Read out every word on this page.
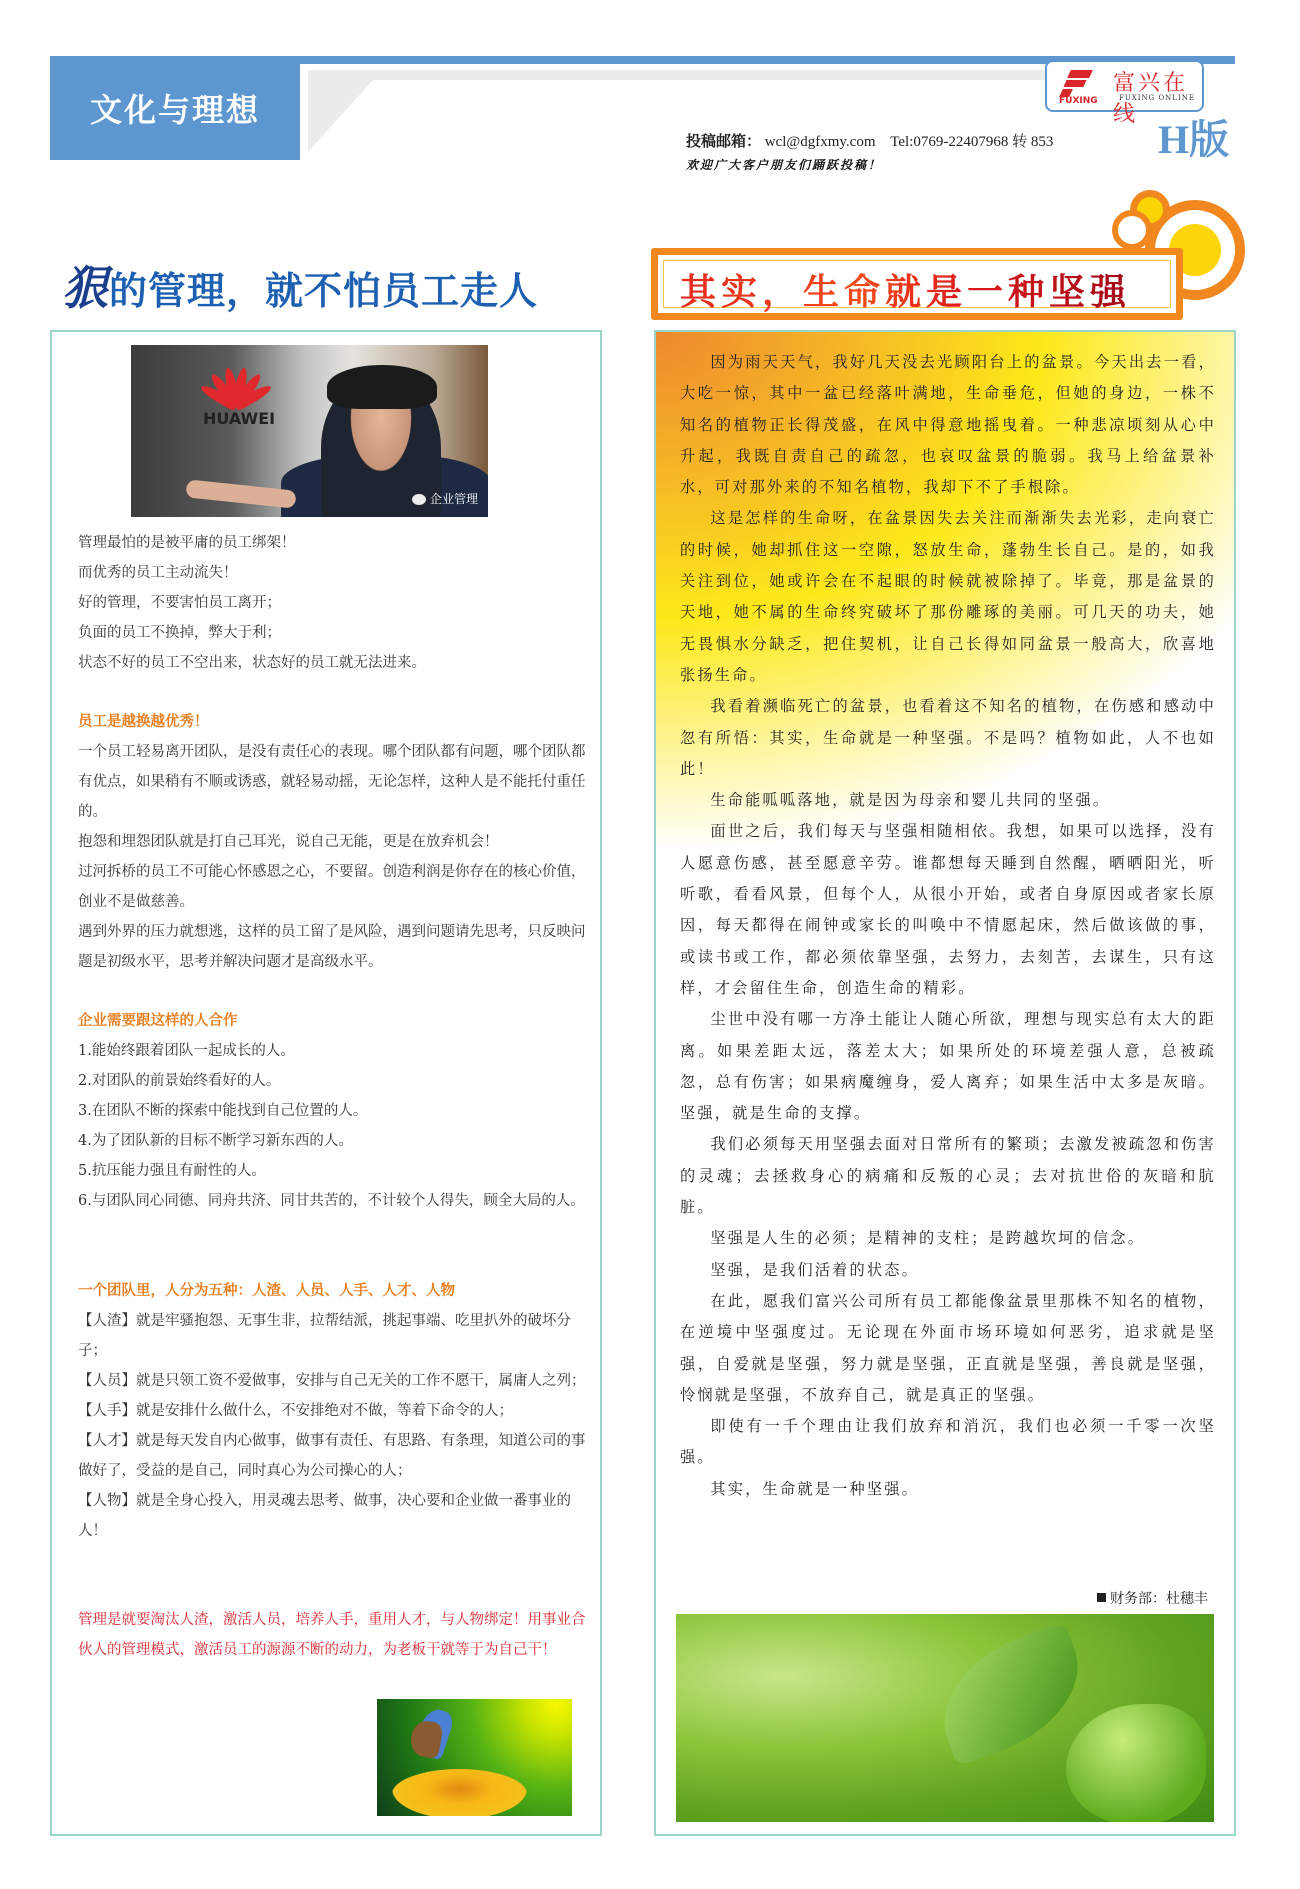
文化与理想	FUXING
富兴在线
FUXING ONLINE
投稿邮箱： wcl@dgfxmy.com Tel:0769-22407968 转 853
欢迎广大客户朋友们踊跃投稿！
H版
狠的管理，就不怕员工走人
HUAWEI
企业管理

管理最怕的是被平庸的员工绑架！

而优秀的员工主动流失！

好的管理，不要害怕员工离开；

负面的员工不换掉，弊大于利；

状态不好的员工不空出来，状态好的员工就无法进来。

员工是越换越优秀！

一个员工轻易离开团队，是没有责任心的表现。哪个团队都有问题，哪个团队都有优点，如果稍有不顺或诱惑，就轻易动摇，无论怎样，这种人是不能托付重任的。

抱怨和埋怨团队就是打自己耳光，说自己无能，更是在放弃机会！

过河拆桥的员工不可能心怀感恩之心，不要留。创造利润是你存在的核心价值，创业不是做慈善。

遇到外界的压力就想逃，这样的员工留了是风险，遇到问题请先思考，只反映问题是初级水平，思考并解决问题才是高级水平。

企业需要跟这样的人合作

1.能始终跟着团队一起成长的人。

2.对团队的前景始终看好的人。

3.在团队不断的探索中能找到自己位置的人。

4.为了团队新的目标不断学习新东西的人。

5.抗压能力强且有耐性的人。

6.与团队同心同德、同舟共济、同甘共苦的，不计较个人得失，顾全大局的人。

一个团队里，人分为五种：人渣、人员、人手、人才、人物

【人渣】就是牢骚抱怨、无事生非，拉帮结派，挑起事端、吃里扒外的破坏分子；

【人员】就是只领工资不爱做事，安排与自己无关的工作不愿干，属庸人之列；

【人手】就是安排什么做什么，不安排绝对不做，等着下命令的人；

【人才】就是每天发自内心做事，做事有责任、有思路、有条理，知道公司的事做好了，受益的是自己，同时真心为公司操心的人；

【人物】就是全身心投入，用灵魂去思考、做事，决心要和企业做一番事业的人！

管理是就要淘汰人渣，激活人员，培养人手，重用人才，与人物绑定！用事业合伙人的管理模式，激活员工的源源不断的动力，为老板干就等于为自己干！

其实，生命就是一种坚强

因为雨天天气，我好几天没去光顾阳台上的盆景。今天出去一看，大吃一惊，其中一盆已经落叶满地，生命垂危，但她的身边，一株不知名的植物正长得茂盛，在风中得意地摇曳着。一种悲凉顷刻从心中升起，我既自责自己的疏忽，也哀叹盆景的脆弱。我马上给盆景补水，可对那外来的不知名植物，我却下不了手根除。

这是怎样的生命呀，在盆景因失去关注而渐渐失去光彩，走向衰亡的时候，她却抓住这一空隙，怒放生命，蓬勃生长自己。是的，如我关注到位，她或许会在不起眼的时候就被除掉了。毕竟，那是盆景的天地，她不属的生命终究破坏了那份雕琢的美丽。可几天的功夫，她无畏惧水分缺乏，把住契机，让自己长得如同盆景一般高大，欣喜地张扬生命。

我看着濒临死亡的盆景，也看着这不知名的植物，在伤感和感动中忽有所悟：其实，生命就是一种坚强。不是吗？植物如此，人不也如此！

生命能呱呱落地，就是因为母亲和婴儿共同的坚强。

面世之后，我们每天与坚强相随相依。我想，如果可以选择，没有人愿意伤感，甚至愿意辛劳。谁都想每天睡到自然醒，晒晒阳光，听听歌，看看风景，但每个人，从很小开始，或者自身原因或者家长原因，每天都得在闹钟或家长的叫唤中不情愿起床，然后做该做的事，或读书或工作，都必须依靠坚强，去努力，去刻苦，去谋生，只有这样，才会留住生命，创造生命的精彩。

尘世中没有哪一方净土能让人随心所欲，理想与现实总有太大的距离。如果差距太远，落差太大；如果所处的环境差强人意，总被疏忽，总有伤害；如果病魔缠身，爱人离弃；如果生活中太多是灰暗。坚强，就是生命的支撑。

我们必须每天用坚强去面对日常所有的繁琐；去激发被疏忽和伤害的灵魂；去拯救身心的病痛和反叛的心灵；去对抗世俗的灰暗和肮脏。

坚强是人生的必须；是精神的支柱；是跨越坎坷的信念。

坚强，是我们活着的状态。

在此，愿我们富兴公司所有员工都能像盆景里那株不知名的植物，在逆境中坚强度过。无论现在外面市场环境如何恶劣，追求就是坚强，自爱就是坚强，努力就是坚强，正直就是坚强，善良就是坚强，怜悯就是坚强，不放弃自己，就是真正的坚强。

即使有一千个理由让我们放弃和消沉，我们也必须一千零一次坚强。

其实，生命就是一种坚强。

财务部：杜穗丰
